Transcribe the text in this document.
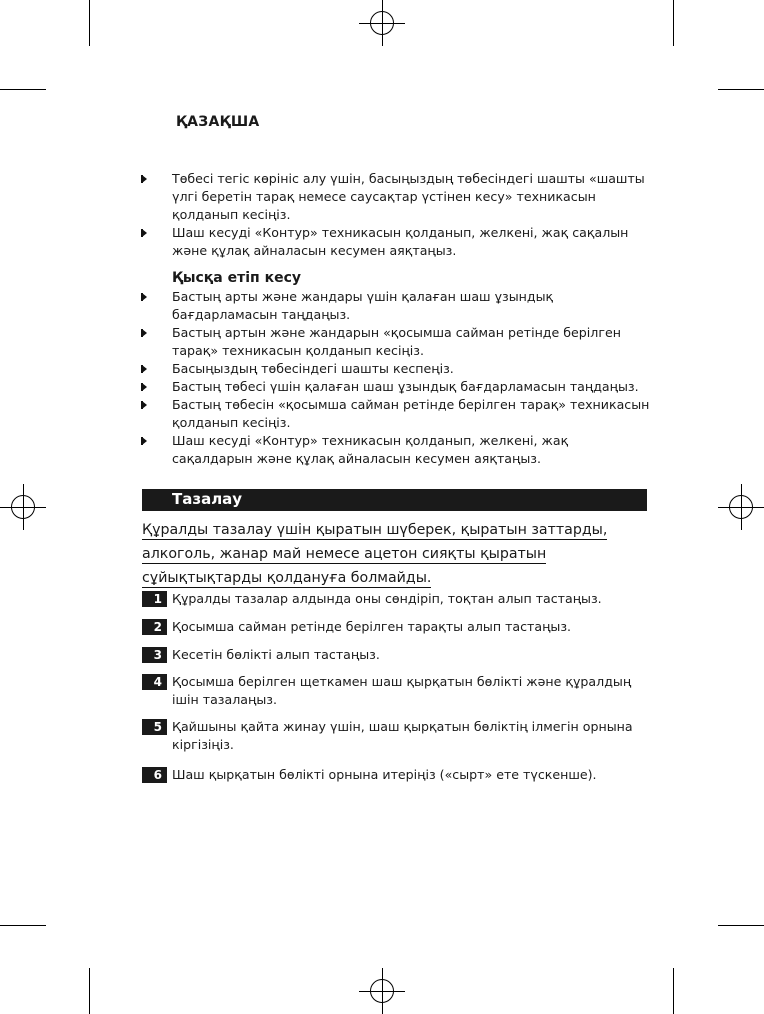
ҚАЗАҚША
Төбесі тегіс көрініс алу үшін, басыңыздың төбесіндегі шашты «шашты үлгі беретін тарақ немесе саусақтар үстінен кесу» техникасын қолданып кесіңіз.
Шаш кесуді «Контур» техникасын қолданып, желкені, жақ сақалын және құлақ айналасын кесумен аяқтаңыз.
Қысқа етіп кесу
Бастың арты және жандары үшін қалаған шаш ұзындық бағдарламасын таңдаңыз.
Бастың артын және жандарын «қосымша сайман ретінде берілген тарақ» техникасын қолданып кесіңіз.
Басыңыздың төбесіндегі шашты кеспеңіз.
Бастың төбесі үшін қалаған шаш ұзындық бағдарламасын таңдаңыз.
Бастың төбесін «қосымша сайман ретінде берілген тарақ» техникасын қолданып кесіңіз.
Шаш кесуді «Контур» техникасын қолданып, желкені, жақ сақалдарын және құлақ айналасын кесумен аяқтаңыз.
Тазалау
Құралды тазалау үшін қыратын шүберек, қыратын заттарды,
алкоголь, жанар май немесе ацетон сияқты қыратын
сұйықтықтарды қолдануға болмайды.
1 Құралды тазалар алдында оны сөндіріп, тоқтан алып тастаңыз.
2 Қосымша сайман ретінде берілген тарақты алып тастаңыз.
3 Кесетін бөлікті алып тастаңыз.
4 Қосымша берілген щеткамен шаш қырқатын бөлікті және құралдың ішін тазалаңыз.
5 Қайшыны қайта жинау үшін, шаш қырқатын бөліктің ілмегін орнына кіргізіңіз.
6 Шаш қырқатын бөлікті орнына итеріңіз («сырт» ете түскенше).
